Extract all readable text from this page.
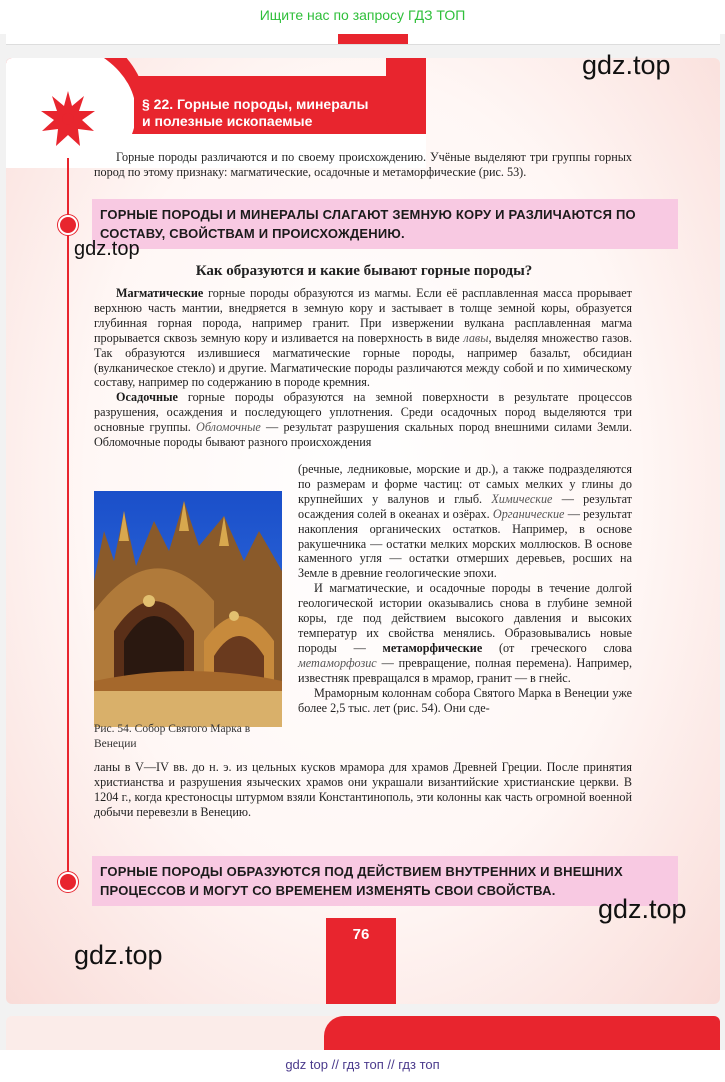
Ищите нас по запросу ГДЗ ТОП
§ 22. Горные породы, минералы
и полезные ископаемые
Горные породы различаются и по своему происхождению. Учёные выделяют три группы горных пород по этому признаку: магматические, осадочные и метаморфические (рис. 53).
ГОРНЫЕ ПОРОДЫ И МИНЕРАЛЫ СЛАГАЮТ ЗЕМНУЮ КОРУ И РАЗЛИЧАЮТСЯ ПО СОСТАВУ, СВОЙСТВАМ И ПРОИСХОЖДЕНИЮ.
Как образуются и какие бывают горные породы?

Магматические горные породы образуются из магмы. Если её расплавленная масса прорывает верхнюю часть мантии, внедряется в земную кору и застывает в толще земной коры, образуется глубинная горная порода, например гранит. При извержении вулкана расплавленная магма прорывается сквозь земную кору и изливается на поверхность в виде лавы, выделяя множество газов. Так образуются излившиеся магматические горные породы, например базальт, обсидиан (вулканическое стекло) и другие. Магматические породы различаются между собой и по химическому составу, например по содержанию в породе кремния.

Осадочные горные породы образуются на земной поверхности в результате процессов разрушения, осаждения и последующего уплотнения. Среди осадочных пород выделяются три основные группы. Обломочные — результат разрушения скальных пород внешними силами Земли. Обломочные породы бывают разного происхождения

Рис. 54. Собор Святого Марка в Венеции

(речные, ледниковые, морские и др.), а также подразделяются по размерам и форме частиц: от самых мелких у глины до крупнейших у валунов и глыб. Химические — результат осаждения солей в океанах и озёрах. Органические — результат накопления органических остатков. Например, в основе ракушечника — остатки мелких морских моллюсков. В основе каменного угля — остатки отмерших деревьев, росших на Земле в древние геологические эпохи.

И магматические, и осадочные породы в течение долгой геологической истории оказывались снова в глубине земной коры, где под действием высокого давления и высоких температур их свойства менялись. Образовывались новые породы — метаморфические (от греческого слова метаморфозис — превращение, полная перемена). Например, известняк превращался в мрамор, гранит — в гнейс.

Мраморным колоннам собора Святого Марка в Венеции уже более 2,5 тыс. лет (рис. 54). Они сде-

ланы в V—IV вв. до н. э. из цельных кусков мрамора для храмов Древней Греции. После принятия христианства и разрушения языческих храмов они украшали византийские христианские церкви. В 1204 г., когда крестоносцы штурмом взяли Константинополь, эти колонны как часть огромной военной добычи перевезли в Венецию.

ГОРНЫЕ ПОРОДЫ ОБРАЗУЮТСЯ ПОД ДЕЙСТВИЕМ ВНУТРЕННИХ И ВНЕШНИХ ПРОЦЕССОВ И МОГУТ СО ВРЕМЕНЕМ ИЗМЕНЯТЬ СВОИ СВОЙСТВА.
76
gdz.top
gdz.top
gdz.top
gdz.top
gdz top // гдз топ // гдз топ
